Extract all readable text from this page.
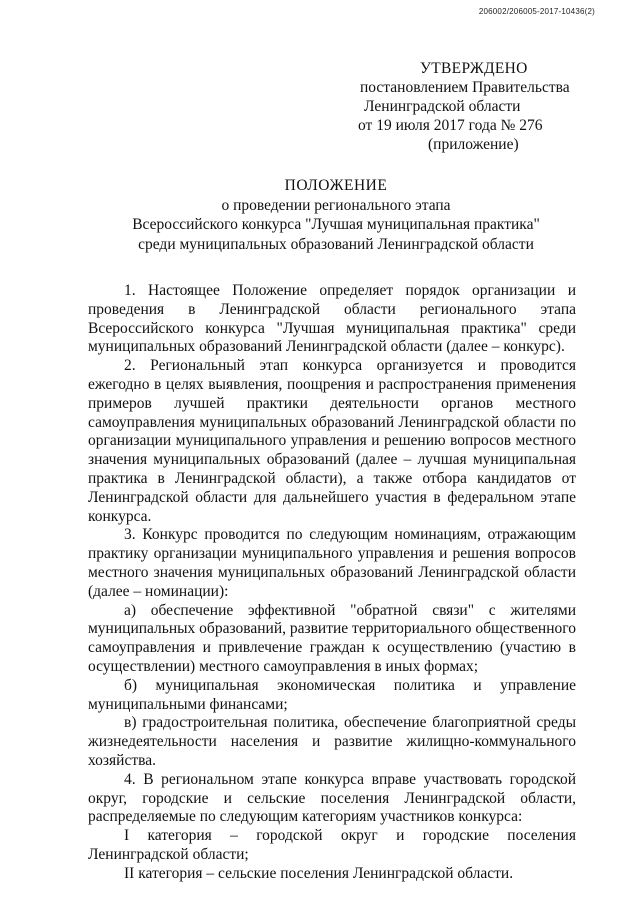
206002/206005-2017-10436(2)
УТВЕРЖДЕНО
постановлением Правительства
Ленинградской области
от 19 июля 2017 года № 276
(приложение)
ПОЛОЖЕНИЕ
о проведении регионального этапа
Всероссийского конкурса "Лучшая муниципальная практика"
среди муниципальных образований Ленинградской области

1. Настоящее Положение определяет порядок организации и проведения в Ленинградской области регионального этапа Всероссийского конкурса "Лучшая муниципальная практика" среди муниципальных образований Ленинградской области (далее – конкурс).

2. Региональный этап конкурса организуется и проводится ежегодно в целях выявления, поощрения и распространения применения примеров лучшей практики деятельности органов местного самоуправления муниципальных образований Ленинградской области по организации муниципального управления и решению вопросов местного значения муниципальных образований (далее – лучшая муниципальная практика в Ленинградской области), а также отбора кандидатов от Ленинградской области для дальнейшего участия в федеральном этапе конкурса.

3. Конкурс проводится по следующим номинациям, отражающим практику организации муниципального управления и решения вопросов местного значения муниципальных образований Ленинградской области (далее – номинации):

а) обеспечение эффективной "обратной связи" с жителями муниципальных образований, развитие территориального общественного самоуправления и привлечение граждан к осуществлению (участию в осуществлении) местного самоуправления в иных формах;

б) муниципальная экономическая политика и управление муниципальными финансами;

в) градостроительная политика, обеспечение благоприятной среды жизнедеятельности населения и развитие жилищно-коммунального хозяйства.

4. В региональном этапе конкурса вправе участвовать городской округ, городские и сельские поселения Ленинградской области, распределяемые по следующим категориям участников конкурса:

I категория – городской округ и городские поселения Ленинградской области;

II категория – сельские поселения Ленинградской области.
